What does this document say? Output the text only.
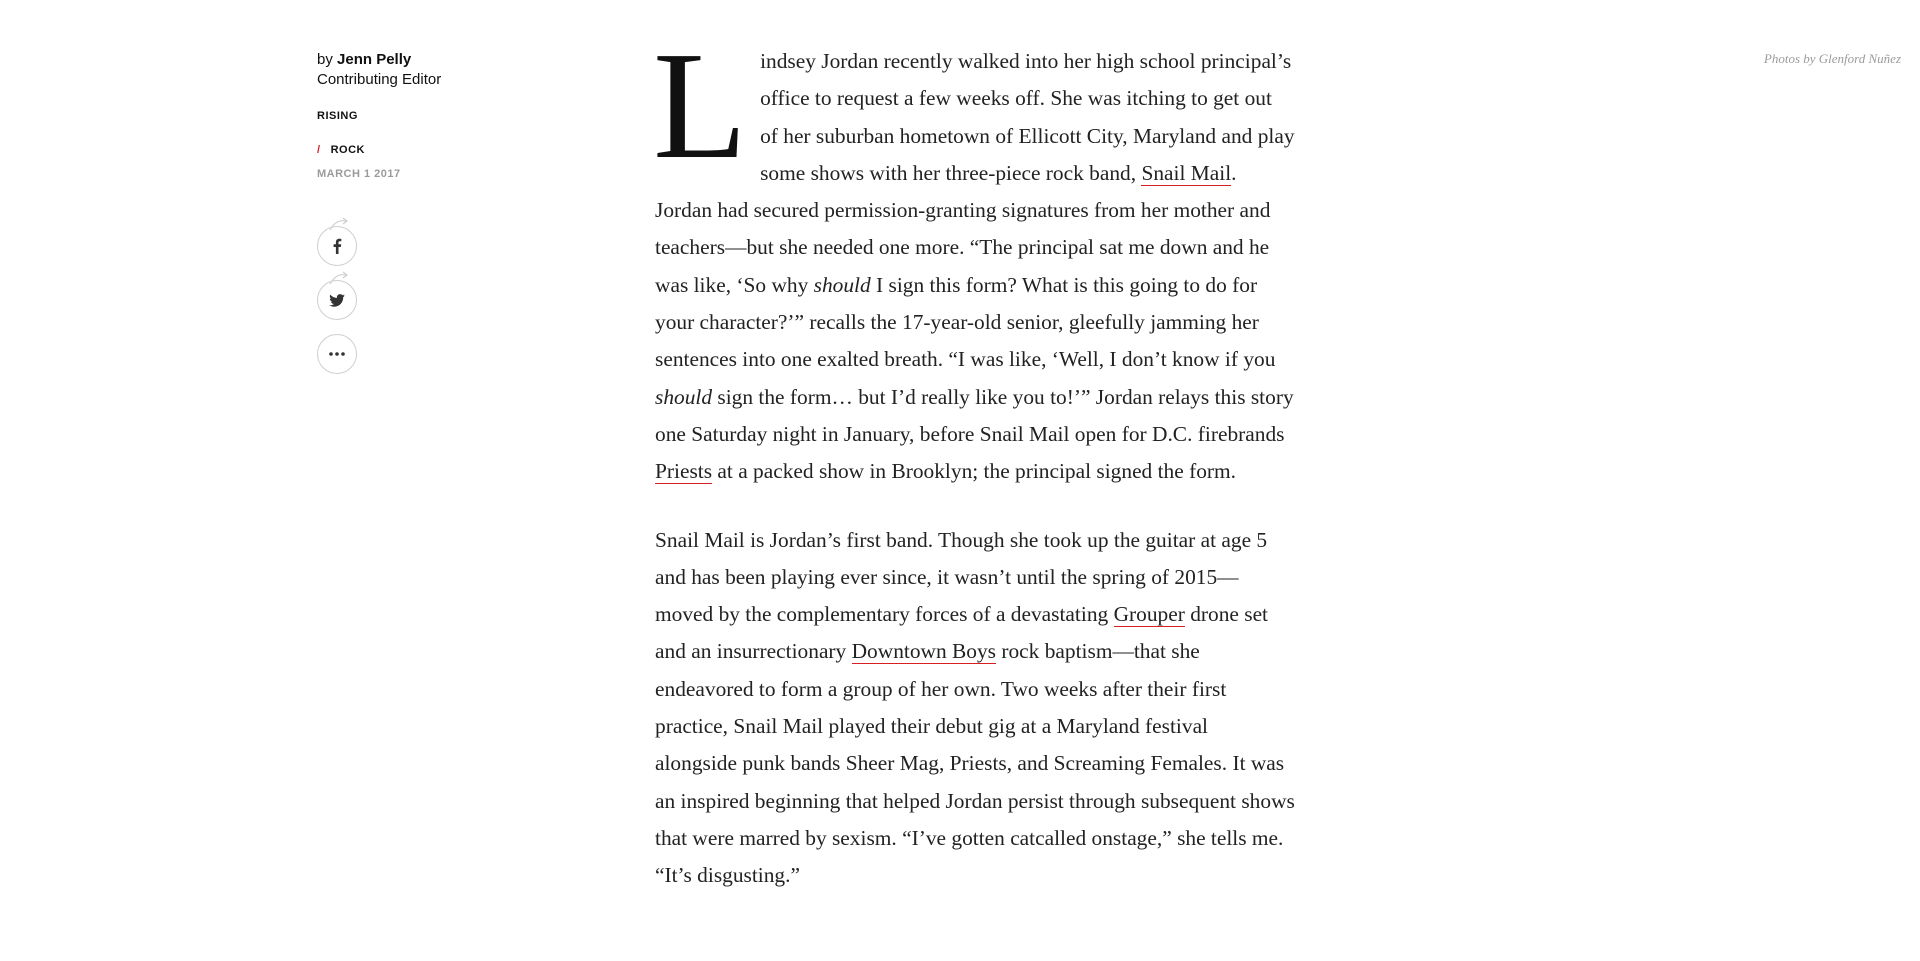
by Jenn Pelly
Contributing Editor
RISING
/ ROCK
MARCH 1 2017
Photos by Glenford Nuñez

Lindsey Jordan recently walked into her high school principal’s office to request a few weeks off. She was itching to get out of her suburban hometown of Ellicott City, Maryland and play some shows with her three-piece rock band, Snail Mail. Jordan had secured permission-granting signatures from her mother and teachers—but she needed one more. “The principal sat me down and he was like, ‘So why should I sign this form? What is this going to do for your character?’” recalls the 17-year-old senior, gleefully jamming her sentences into one exalted breath. “I was like, ‘Well, I don’t know if you should sign the form… but I’d really like you to!’” Jordan relays this story one Saturday night in January, before Snail Mail open for D.C. firebrands Priests at a packed show in Brooklyn; the principal signed the form.

Snail Mail is Jordan’s first band. Though she took up the guitar at age 5 and has been playing ever since, it wasn’t until the spring of 2015—moved by the complementary forces of a devastating Grouper drone set and an insurrectionary Downtown Boys rock baptism—that she endeavored to form a group of her own. Two weeks after their first practice, Snail Mail played their debut gig at a Maryland festival alongside punk bands Sheer Mag, Priests, and Screaming Females. It was an inspired beginning that helped Jordan persist through subsequent shows that were marred by sexism. “I’ve gotten catcalled onstage,” she tells me. “It’s disgusting.”
